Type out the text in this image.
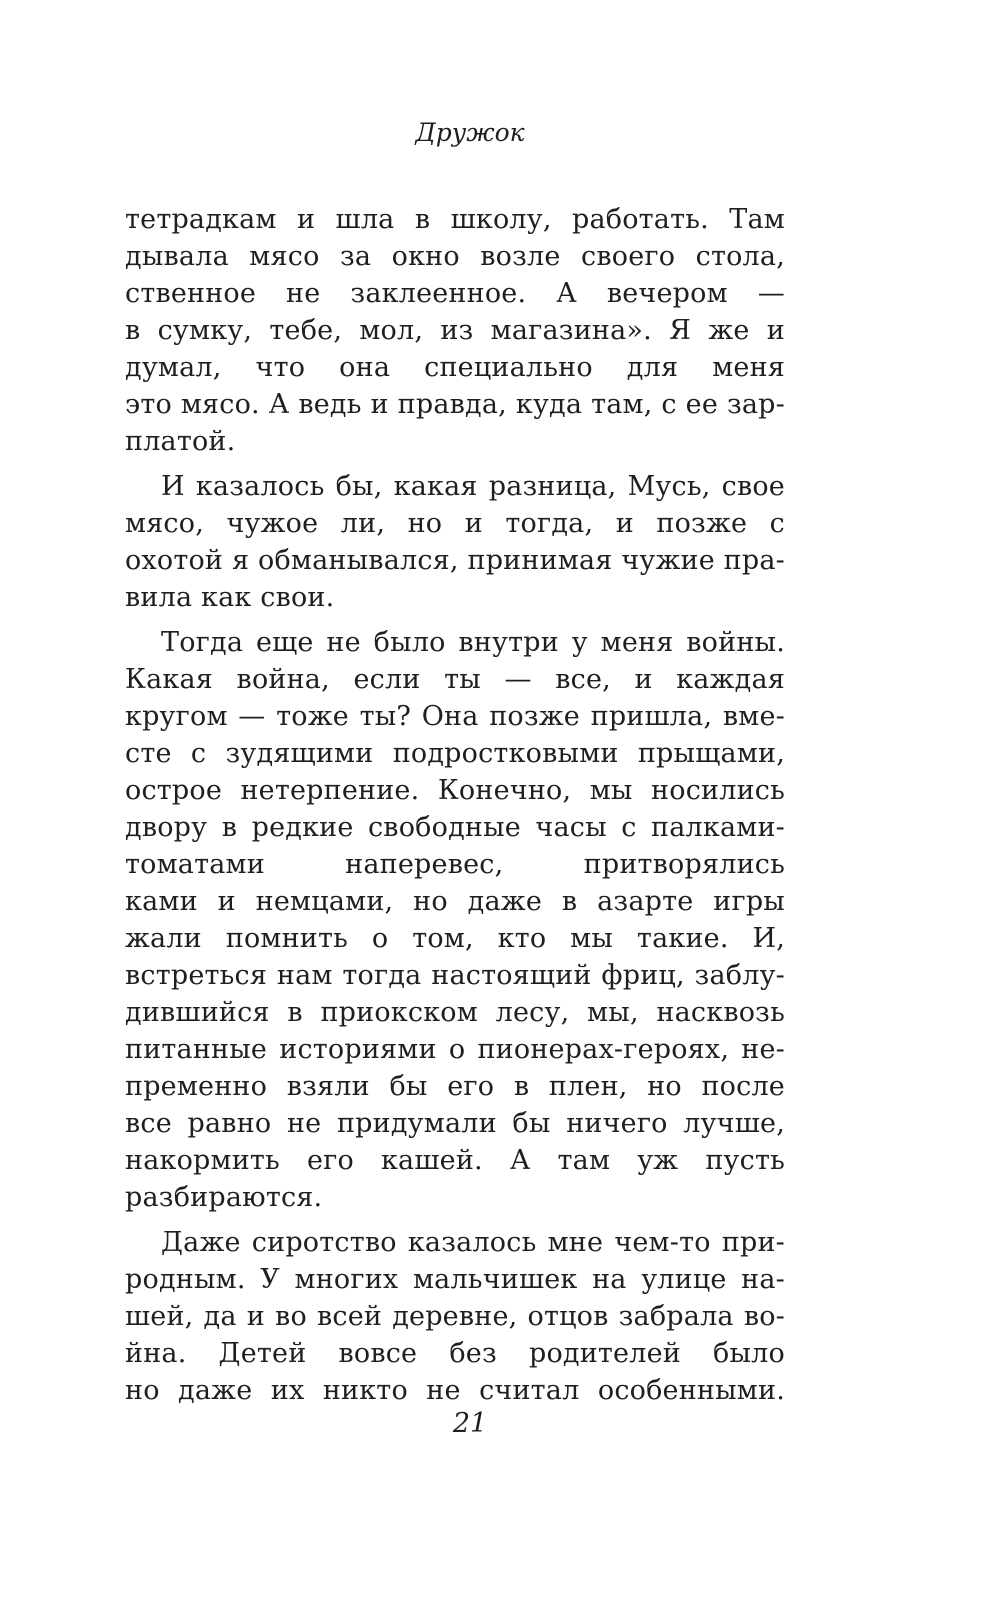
Дружок
тетрадкам и шла в школу, работать. Там
дывала мясо за окно возле своего стола,
ственное не заклеенное. А вечером —
в сумку, тебе, мол, из магазина». Я же и
думал, что она специально для меня
это мясо. А ведь и правда, куда там, с ее зар-
платой.
И казалось бы, какая разница, Мусь, свое
мясо, чужое ли, но и тогда, и позже с
охотой я обманывался, принимая чужие пра-
вила как свои.
Тогда еще не было внутри у меня войны.
Какая война, если ты — все, и каждая
кругом — тоже ты? Она позже пришла, вме-
сте с зудящими подростковыми прыщами,
острое нетерпение. Конечно, мы носились
двору в редкие свободные часы с палками-
томатами наперевес, притворялись
ками и немцами, но даже в азарте игры
жали помнить о том, кто мы такие. И,
встреться нам тогда настоящий фриц, заблу-
дившийся в приокском лесу, мы, насквозь
питанные историями о пионерах-героях, не-
пременно взяли бы его в плен, но после
все равно не придумали бы ничего лучше,
накормить его кашей. А там уж пусть
разбираются.
Даже сиротство казалось мне чем-то при-
родным. У многих мальчишек на улице на-
шей, да и во всей деревне, отцов забрала во-
йна. Детей вовсе без родителей было
но даже их никто не считал особенными.
21
